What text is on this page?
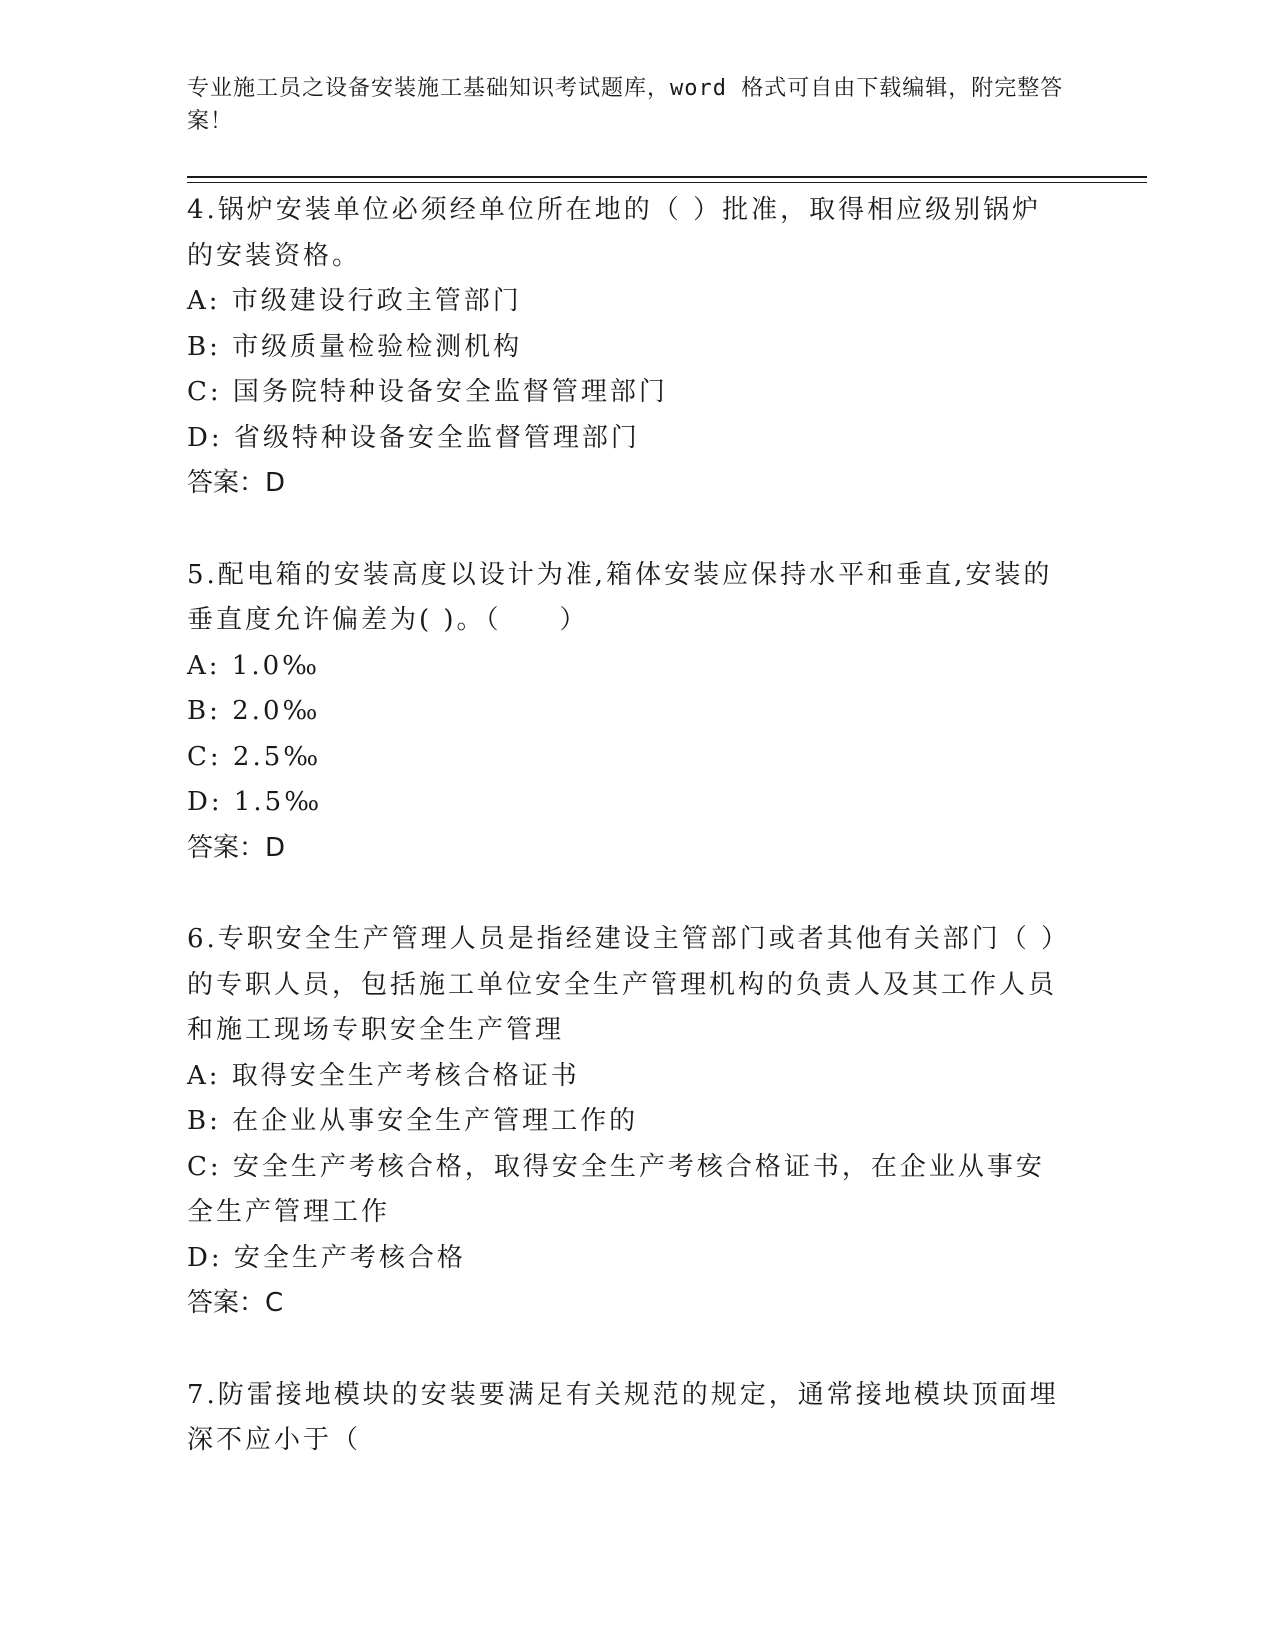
专业施工员之设备安装施工基础知识考试题库，word 格式可自由下载编辑，附完整答案！
4.锅炉安装单位必须经单位所在地的（ ）批准，取得相应级别锅炉的安装资格。
A: 市级建设行政主管部门
B: 市级质量检验检测机构
C: 国务院特种设备安全监督管理部门
D: 省级特种设备安全监督管理部门
答案：D
5.配电箱的安装高度以设计为准,箱体安装应保持水平和垂直,安装的垂直度允许偏差为( )。（　　）
A: 1.0‰
B: 2.0‰
C: 2.5‰
D: 1.5‰
答案：D
6.专职安全生产管理人员是指经建设主管部门或者其他有关部门（ ）的专职人员，包括施工单位安全生产管理机构的负责人及其工作人员和施工现场专职安全生产管理
A: 取得安全生产考核合格证书
B: 在企业从事安全生产管理工作的
C: 安全生产考核合格，取得安全生产考核合格证书，在企业从事安全生产管理工作
D: 安全生产考核合格
答案：C
7.防雷接地模块的安装要满足有关规范的规定，通常接地模块顶面埋深不应小于（
